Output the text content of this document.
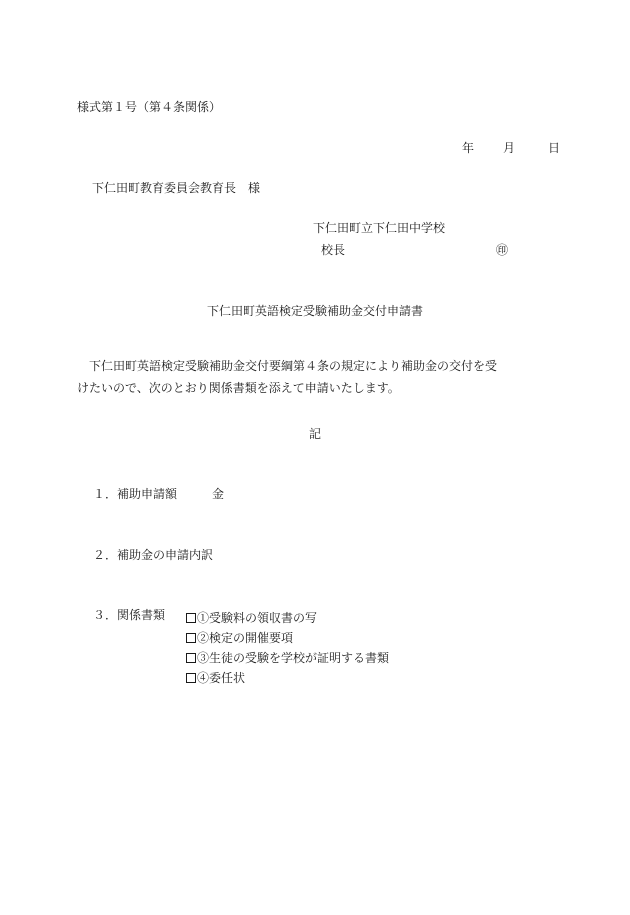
様式第１号（第４条関係）
年 月	日
下仁田町教育委員会教育長　様
下仁田町立下仁田中学校
校長	㊞
下仁田町英語検定受験補助金交付申請書
下仁田町英語検定受験補助金交付要綱第４条の規定により補助金の交付を受
けたいので、次のとおり関係書類を添えて申請いたします。
記
１．補助申請額	金
２．補助金の申請内訳
３．関係書類	①受験料の領収書の写
②検定の開催要項
③生徒の受験を学校が証明する書類
④委任状
